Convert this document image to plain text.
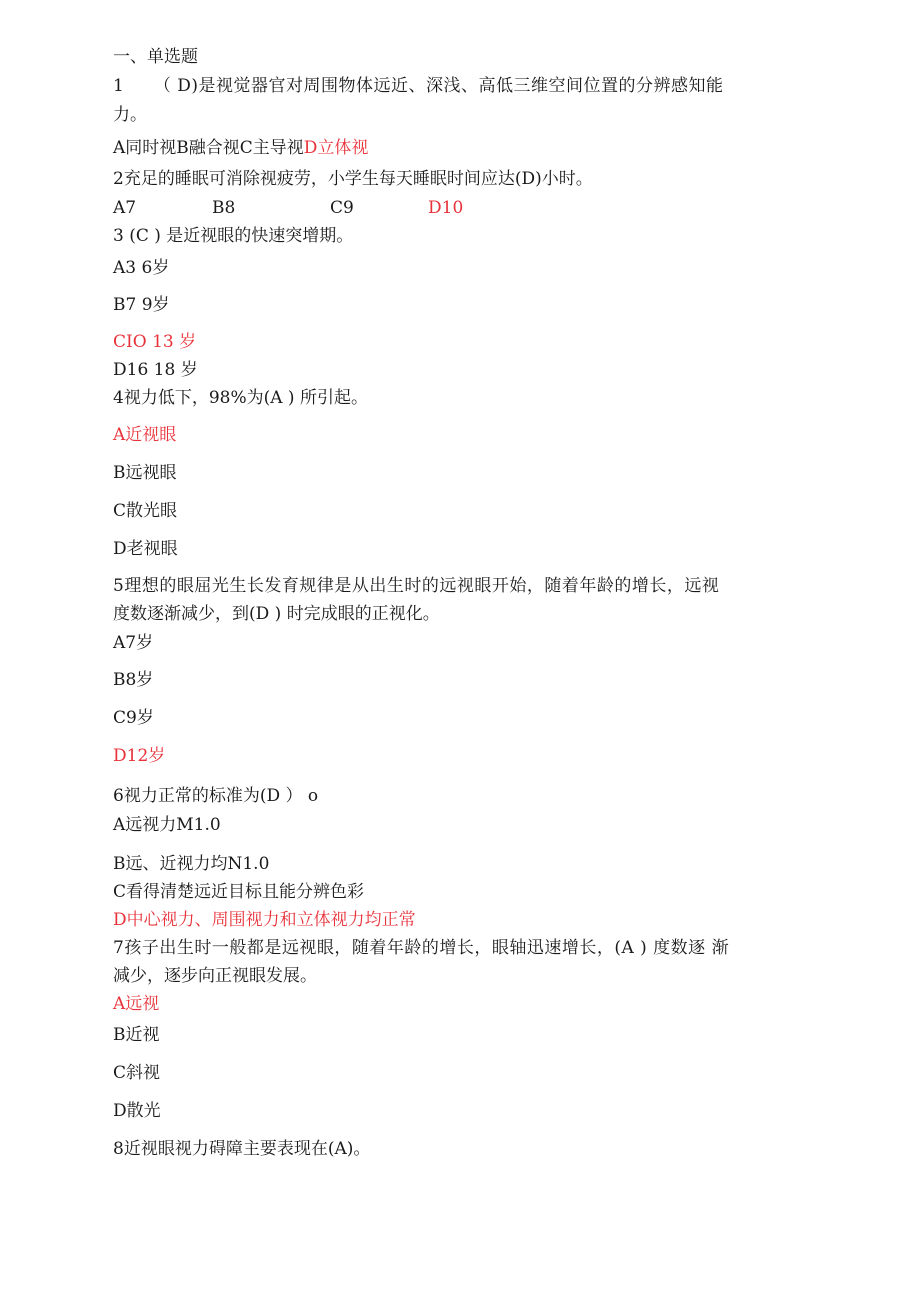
一、单选题
1 （ D)是视觉器官对周围物体远近、深浅、高低三维空间位置的分辨感知能
力。
A同时视B融合视C主导视D立体视
2充足的睡眠可消除视疲劳，小学生每天睡眠时间应达(D)小时。
A7	B8	C9	D10
3 (C ) 是近视眼的快速突增期。
A3 6岁
B7 9岁
CIO 13 岁
D16 18 岁
4视力低下，98%为(A ) 所引起。
A近视眼
B远视眼
C散光眼
D老视眼
5理想的眼屈光生长发育规律是从出生时的远视眼开始，随着年龄的增长，远视
度数逐渐减少，到(D ) 时完成眼的正视化。
A7岁
B8岁
C9岁
D12岁
6视力正常的标准为(D ） o
A远视力M1.0
B远、近视力均N1.0
C看得清楚远近目标且能分辨色彩
D中心视力、周围视力和立体视力均正常
7孩子出生时一般都是远视眼，随着年龄的增长，眼轴迅速增长，(A ) 度数逐 渐
减少，逐步向正视眼发展。
A远视
B近视
C斜视
D散光
8近视眼视力碍障主要表现在(A)。
